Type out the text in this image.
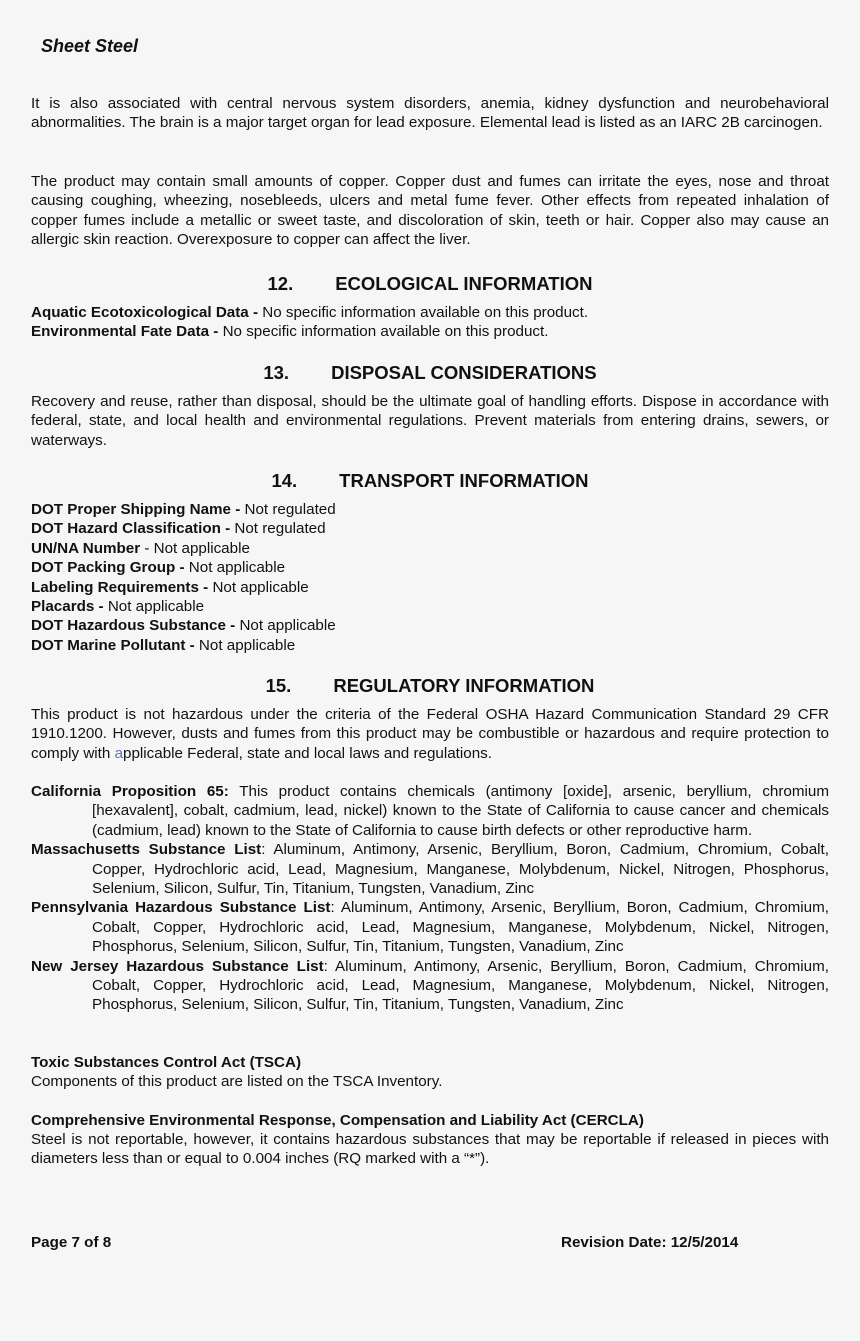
Sheet Steel

It is also associated with central nervous system disorders, anemia, kidney dysfunction and neurobehavioral abnormalities. The brain is a major target organ for lead exposure. Elemental lead is listed as an IARC 2B carcinogen.

The product may contain small amounts of copper. Copper dust and fumes can irritate the eyes, nose and throat causing coughing, wheezing, nosebleeds, ulcers and metal fume fever. Other effects from repeated inhalation of copper fumes include a metallic or sweet taste, and discoloration of skin, teeth or hair. Copper also may cause an allergic skin reaction. Overexposure to copper can affect the liver.

12. ECOLOGICAL INFORMATION

Aquatic Ecotoxicological Data - No specific information available on this product.

Environmental Fate Data - No specific information available on this product.

13. DISPOSAL CONSIDERATIONS

Recovery and reuse, rather than disposal, should be the ultimate goal of handling efforts. Dispose in accordance with federal, state, and local health and environmental regulations. Prevent materials from entering drains, sewers, or waterways.

14. TRANSPORT INFORMATION

DOT Proper Shipping Name - Not regulated

DOT Hazard Classification - Not regulated

UN/NA Number - Not applicable

DOT Packing Group - Not applicable

Labeling Requirements - Not applicable

Placards - Not applicable

DOT Hazardous Substance - Not applicable

DOT Marine Pollutant - Not applicable

15. REGULATORY INFORMATION

This product is not hazardous under the criteria of the Federal OSHA Hazard Communication Standard 29 CFR 1910.1200. However, dusts and fumes from this product may be combustible or hazardous and require protection to comply with applicable Federal, state and local laws and regulations.

California Proposition 65: This product contains chemicals (antimony [oxide], arsenic, beryllium, chromium [hexavalent], cobalt, cadmium, lead, nickel) known to the State of California to cause cancer and chemicals (cadmium, lead) known to the State of California to cause birth defects or other reproductive harm.

Massachusetts Substance List: Aluminum, Antimony, Arsenic, Beryllium, Boron, Cadmium, Chromium, Cobalt, Copper, Hydrochloric acid, Lead, Magnesium, Manganese, Molybdenum, Nickel, Nitrogen, Phosphorus, Selenium, Silicon, Sulfur, Tin, Titanium, Tungsten, Vanadium, Zinc

Pennsylvania Hazardous Substance List: Aluminum, Antimony, Arsenic, Beryllium, Boron, Cadmium, Chromium, Cobalt, Copper, Hydrochloric acid, Lead, Magnesium, Manganese, Molybdenum, Nickel, Nitrogen, Phosphorus, Selenium, Silicon, Sulfur, Tin, Titanium, Tungsten, Vanadium, Zinc

New Jersey Hazardous Substance List: Aluminum, Antimony, Arsenic, Beryllium, Boron, Cadmium, Chromium, Cobalt, Copper, Hydrochloric acid, Lead, Magnesium, Manganese, Molybdenum, Nickel, Nitrogen, Phosphorus, Selenium, Silicon, Sulfur, Tin, Titanium, Tungsten, Vanadium, Zinc

Toxic Substances Control Act (TSCA)

Components of this product are listed on the TSCA Inventory.

Comprehensive Environmental Response, Compensation and Liability Act (CERCLA)

Steel is not reportable, however, it contains hazardous substances that may be reportable if released in pieces with diameters less than or equal to 0.004 inches (RQ marked with a “*”).

Page 7 of 8	Revision Date: 12/5/2014
